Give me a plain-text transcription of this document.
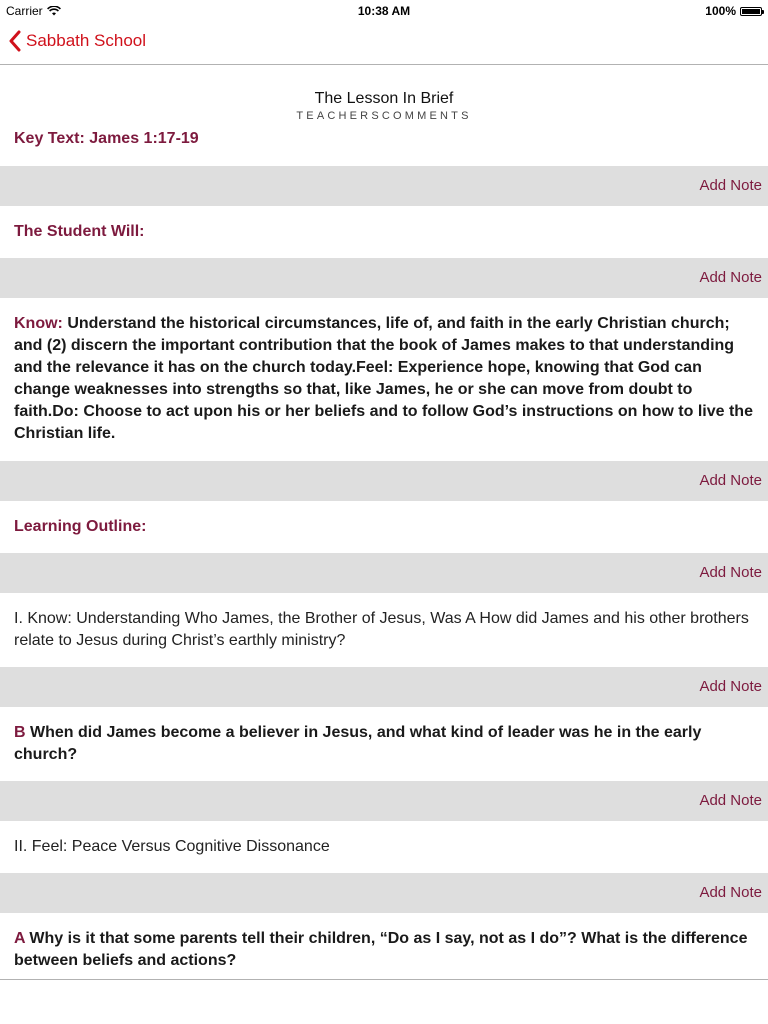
Carrier	10:38 AM	100%
Sabbath School
The Lesson In Brief
TEACHERSCOMMENTS
Key Text: James 1:17-19
Add Note
The Student Will:
Add Note
Know: Understand the historical circumstances, life of, and faith in the early Christian church; and (2) discern the important contribution that the book of James makes to that understanding and the relevance it has on the church today.Feel: Experience hope, knowing that God can change weaknesses into strengths so that, like James, he or she can move from doubt to faith.Do: Choose to act upon his or her beliefs and to follow God’s instructions on how to live the Christian life.
Add Note
Learning Outline:
Add Note
I. Know: Understanding Who James, the Brother of Jesus, Was A How did James and his other brothers relate to Jesus during Christ’s earthly ministry?
Add Note
B When did James become a believer in Jesus, and what kind of leader was he in the early church?
Add Note
II. Feel: Peace Versus Cognitive Dissonance
Add Note
A Why is it that some parents tell their children, “Do as I say, not as I do”? What is the difference between beliefs and actions?
